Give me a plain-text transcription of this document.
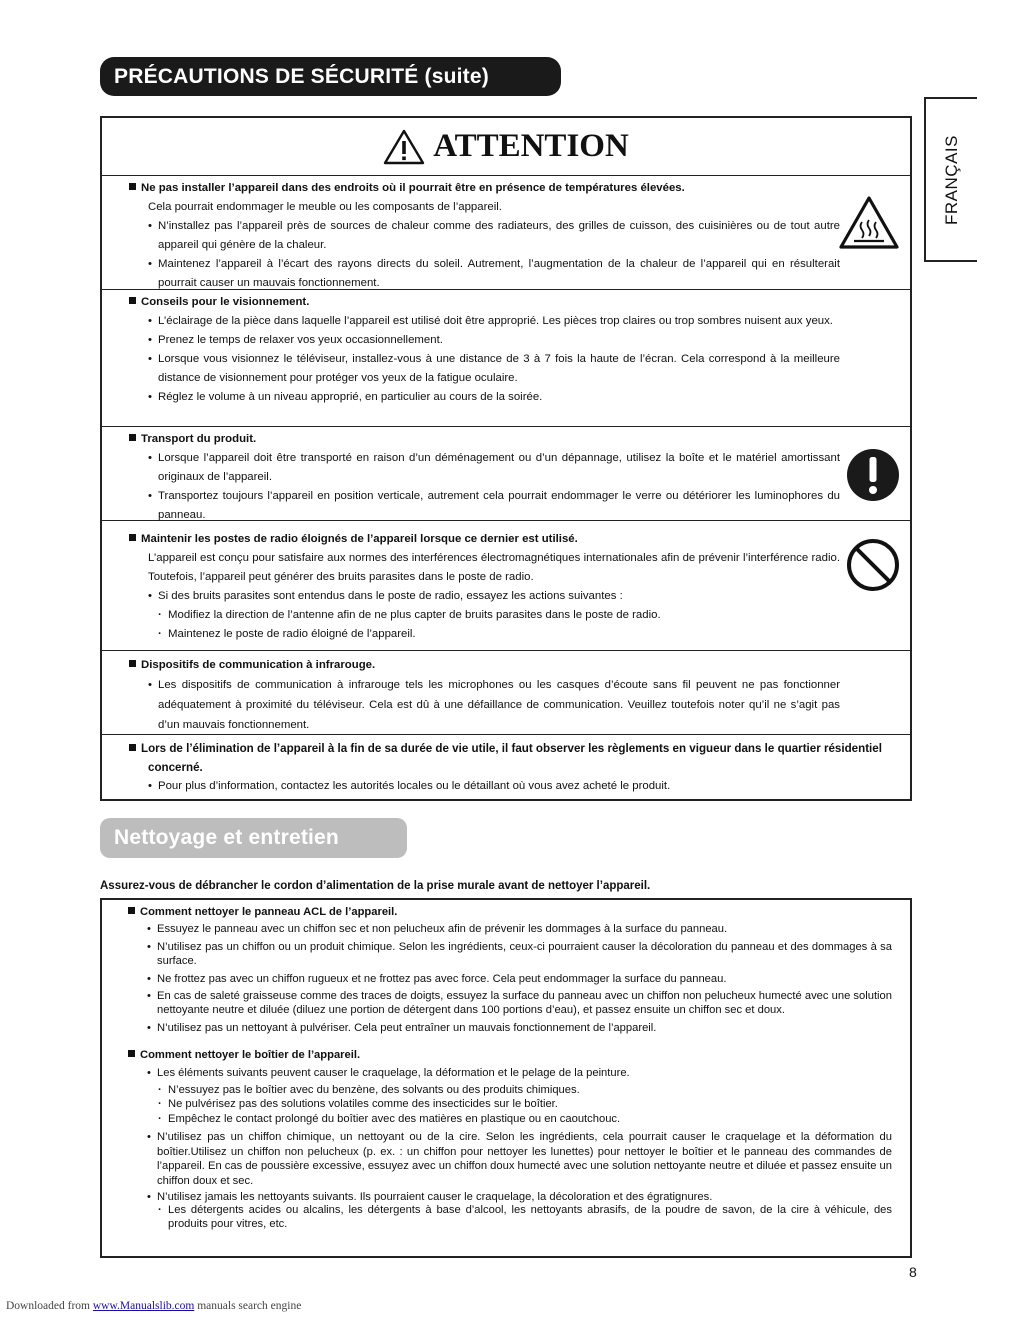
PRÉCAUTIONS DE SÉCURITÉ (suite)
FRANÇAIS
ATTENTION
Ne pas installer l’appareil dans des endroits où il pourrait être en présence de températures élevées.

Cela pourrait endommager le meuble ou les composants de l’appareil.

• N’installez pas l’appareil près de sources de chaleur comme des radiateurs, des grilles de cuisson, des cuisinières ou de tout autre appareil qui génère de la chaleur.

• Maintenez l’appareil à l’écart des rayons directs du soleil. Autrement, l’augmentation de la chaleur de l’appareil qui en résulterait pourrait causer un mauvais fonctionnement.

Conseils pour le visionnement.

• L’éclairage de la pièce dans laquelle l’appareil est utilisé doit être approprié. Les pièces trop claires ou trop sombres nuisent aux yeux.

• Prenez le temps de relaxer vos yeux occasionnellement.

• Lorsque vous visionnez le téléviseur, installez-vous à une distance de 3 à 7 fois la haute de l’écran. Cela correspond à la meilleure distance de visionnement pour protéger vos yeux de la fatigue oculaire.

• Réglez le volume à un niveau approprié, en particulier au cours de la soirée.

Transport du produit.

• Lorsque l’appareil doit être transporté en raison d’un déménagement ou d’un dépannage, utilisez la boîte et le matériel amortissant originaux de l’appareil.

• Transportez toujours l’appareil en position verticale, autrement cela pourrait endommager le verre ou détériorer les luminophores du panneau.

Maintenir les postes de radio éloignés de l’appareil lorsque ce dernier est utilisé.

L’appareil est conçu pour satisfaire aux normes des interférences électromagnétiques internationales afin de prévenir l’interférence radio. Toutefois, l’appareil peut générer des bruits parasites dans le poste de radio.

• Si des bruits parasites sont entendus dans le poste de radio, essayez les actions suivantes :

· Modifiez la direction de l’antenne afin de ne plus capter de bruits parasites dans le poste de radio.

· Maintenez le poste de radio éloigné de l’appareil.

Dispositifs de communication à infrarouge.

• Les dispositifs de communication à infrarouge tels les microphones ou les casques d’écoute sans fil peuvent ne pas fonctionner adéquatement à proximité du téléviseur. Cela est dû à une défaillance de communication. Veuillez toutefois noter qu’il ne s’agit pas d’un mauvais fonctionnement.

Lors de l’élimination de l’appareil à la fin de sa durée de vie utile, il faut observer les règlements en vigueur dans le quartier résidentiel concerné.

• Pour plus d’information, contactez les autorités locales ou le détaillant où vous avez acheté le produit.

Nettoyage et entretien
Assurez-vous de débrancher le cordon d’alimentation de la prise murale avant de nettoyer l’appareil.
Comment nettoyer le panneau ACL de l’appareil.

• Essuyez le panneau avec un chiffon sec et non pelucheux afin de prévenir les dommages à la surface du panneau.

• N’utilisez pas un chiffon ou un produit chimique. Selon les ingrédients, ceux-ci pourraient causer la décoloration du panneau et des dommages à sa surface.

• Ne frottez pas avec un chiffon rugueux et ne frottez pas avec force. Cela peut endommager la surface du panneau.

• En cas de saleté graisseuse comme des traces de doigts, essuyez la surface du panneau avec un chiffon non pelucheux humecté avec une solution nettoyante neutre et diluée (diluez une portion de détergent dans 100 portions d’eau), et passez ensuite un chiffon sec et doux.

• N’utilisez pas un nettoyant à pulvériser. Cela peut entraîner un mauvais fonctionnement de l’appareil.

Comment nettoyer le boîtier de l’appareil.

• Les éléments suivants peuvent causer le craquelage, la déformation et le pelage de la peinture.

· N’essuyez pas le boîtier avec du benzène, des solvants ou des produits chimiques.

· Ne pulvérisez pas des solutions volatiles comme des insecticides sur le boîtier.

· Empêchez le contact prolongé du boîtier avec des matières en plastique ou en caoutchouc.

• N’utilisez pas un chiffon chimique, un nettoyant ou de la cire. Selon les ingrédients, cela pourrait causer le craquelage et la déformation du boîtier.Utilisez un chiffon non pelucheux (p. ex. : un chiffon pour nettoyer les lunettes) pour nettoyer le boîtier et le panneau des commandes de l’appareil. En cas de poussière excessive, essuyez avec un chiffon doux humecté avec une solution nettoyante neutre et diluée et passez ensuite un chiffon doux et sec.

• N’utilisez jamais les nettoyants suivants. Ils pourraient causer le craquelage, la décoloration et des égratignures.

· Les détergents acides ou alcalins, les détergents à base d’alcool, les nettoyants abrasifs, de la poudre de savon, de la cire à véhicule, des produits pour vitres, etc.

8
Downloaded from www.Manualslib.com manuals search engine
